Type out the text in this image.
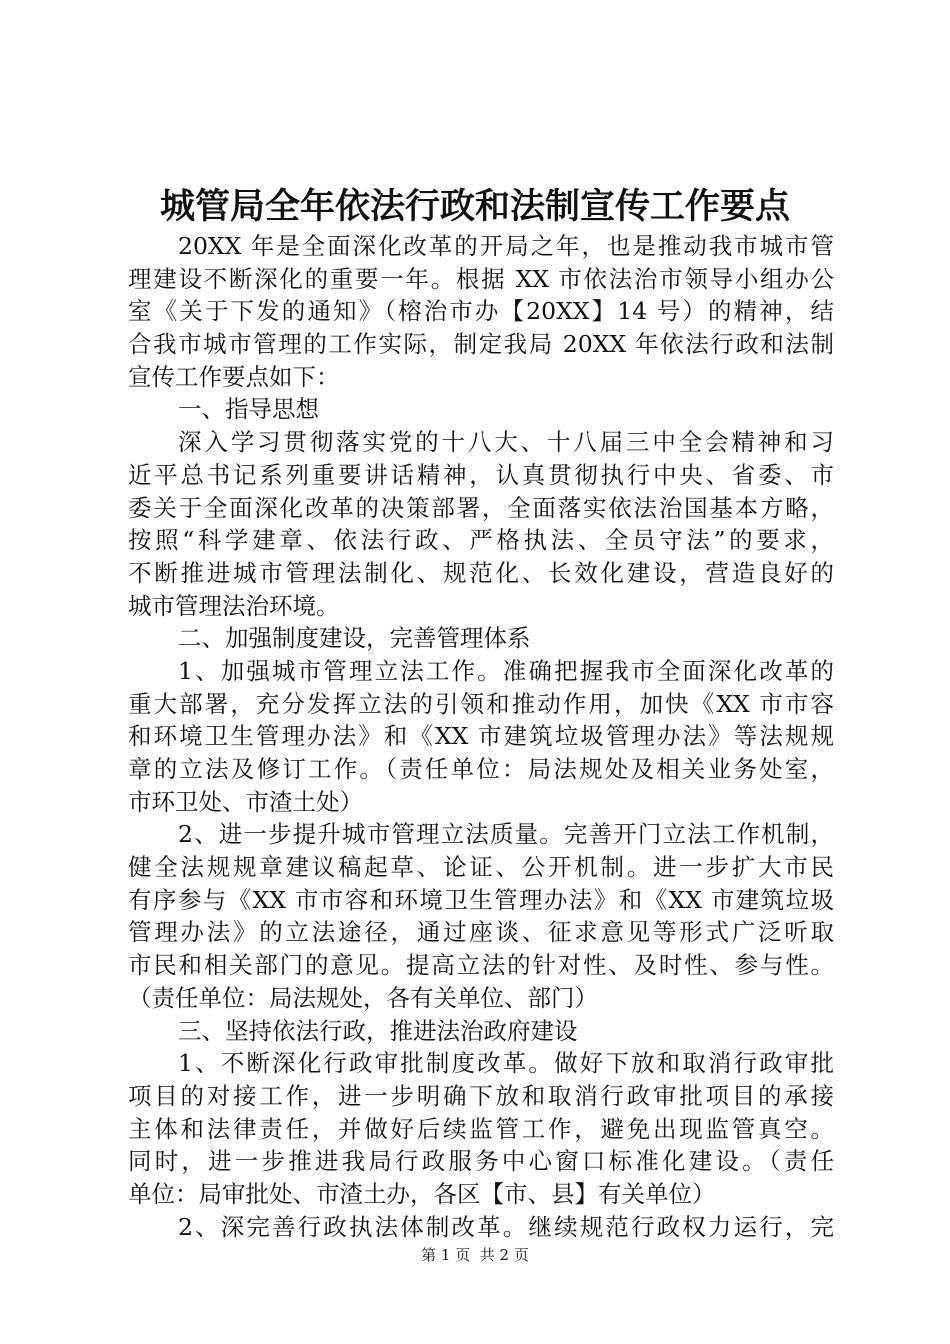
城管局全年依法行政和法制宣传工作要点
20XX 年是全面深化改革的开局之年，也是推动我市城市管
理建设不断深化的重要一年。根据 XX 市依法治市领导小组办公
室《关于下发的通知》（榕治市办【20XX】14 号）的精神，结
合我市城市管理的工作实际，制定我局 20XX 年依法行政和法制
宣传工作要点如下：
一、指导思想
深入学习贯彻落实党的十八大、十八届三中全会精神和习
近平总书记系列重要讲话精神，认真贯彻执行中央、省委、市
委关于全面深化改革的决策部署，全面落实依法治国基本方略，
按照“科学建章、依法行政、严格执法、全员守法”的要求，
不断推进城市管理法制化、规范化、长效化建设，营造良好的
城市管理法治环境。
二、加强制度建设，完善管理体系
1、加强城市管理立法工作。准确把握我市全面深化改革的
重大部署，充分发挥立法的引领和推动作用，加快《XX 市市容
和环境卫生管理办法》和《XX 市建筑垃圾管理办法》等法规规
章的立法及修订工作。（责任单位：局法规处及相关业务处室，
市环卫处、市渣土处）
2、进一步提升城市管理立法质量。完善开门立法工作机制，
健全法规规章建议稿起草、论证、公开机制。进一步扩大市民
有序参与《XX 市市容和环境卫生管理办法》和《XX 市建筑垃圾
管理办法》的立法途径，通过座谈、征求意见等形式广泛听取
市民和相关部门的意见。提高立法的针对性、及时性、参与性。
（责任单位：局法规处，各有关单位、部门）
三、坚持依法行政，推进法治政府建设
1、不断深化行政审批制度改革。做好下放和取消行政审批
项目的对接工作，进一步明确下放和取消行政审批项目的承接
主体和法律责任，并做好后续监管工作，避免出现监管真空。
同时，进一步推进我局行政服务中心窗口标准化建设。（责任
单位：局审批处、市渣土办，各区【市、县】有关单位）
2、深完善行政执法体制改革。继续规范行政权力运行，完
第 1 页  共 2 页
